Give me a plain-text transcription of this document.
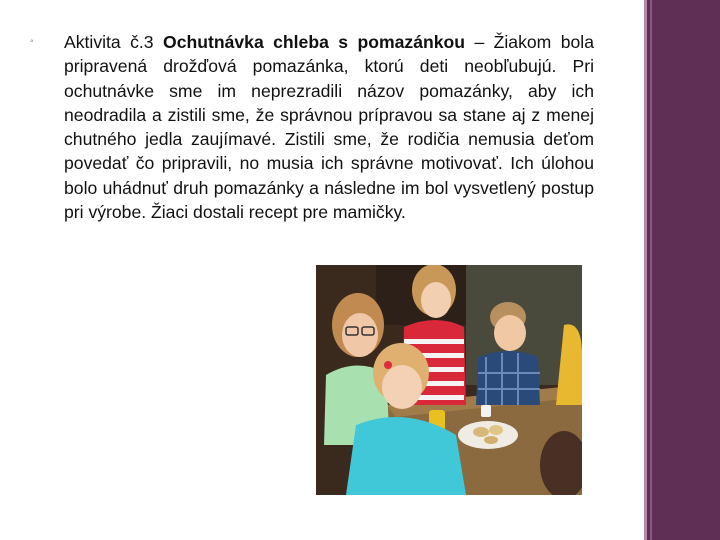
◦ Aktivita č.3 Ochutnávka chleba s pomazánkou – Žiakom bola pripravená drožďová pomazánka, ktorú deti neobľubujú. Pri ochutnávke sme im neprezradili názov pomazánky, aby ich neodradila a zistili sme, že správnou prípravou sa stane aj z menej chutného jedla zaujímavé. Zistili sme, že rodičia nemusia deťom povedať čo pripravili, no musia ich správne motivovať. Ich úlohou bolo uhádnuť druh pomazánky a následne im bol vysvetlený postup pri výrobe. Žiaci dostali recept pre mamičky.
